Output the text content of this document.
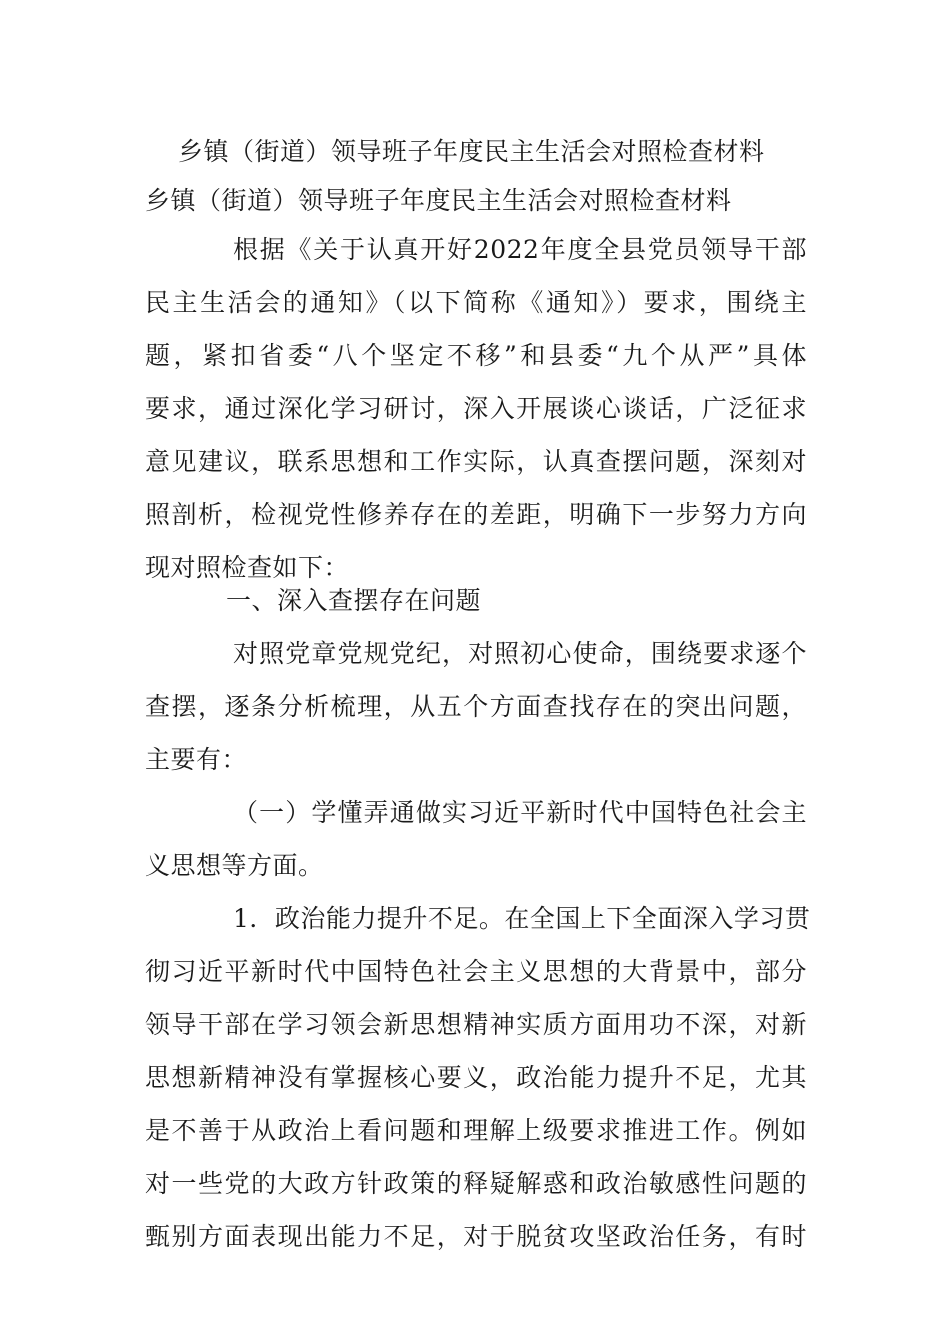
乡镇（街道）领导班子年度民主生活会对照检查材料
乡镇（街道）领导班子年度民主生活会对照检查材料
根据《关于认真开好2022年度全县党员领导干部
民主生活会的通知》（以下简称《通知》）要求，围绕主
题，紧扣省委“八个坚定不移”和县委“九个从严”具体
要求，通过深化学习研讨，深入开展谈心谈话，广泛征求
意见建议，联系思想和工作实际，认真查摆问题，深刻对
照剖析，检视党性修养存在的差距，明确下一步努力方向
现对照检查如下：
一、深入查摆存在问题
对照党章党规党纪，对照初心使命，围绕要求逐个
查摆，逐条分析梳理，从五个方面查找存在的突出问题，
主要有：
（一）学懂弄通做实习近平新时代中国特色社会主
义思想等方面。
1．政治能力提升不足。在全国上下全面深入学习贯
彻习近平新时代中国特色社会主义思想的大背景中，部分
领导干部在学习领会新思想精神实质方面用功不深，对新
思想新精神没有掌握核心要义，政治能力提升不足，尤其
是不善于从政治上看问题和理解上级要求推进工作。例如
对一些党的大政方针政策的释疑解惑和政治敏感性问题的
甄别方面表现出能力不足，对于脱贫攻坚政治任务，有时
